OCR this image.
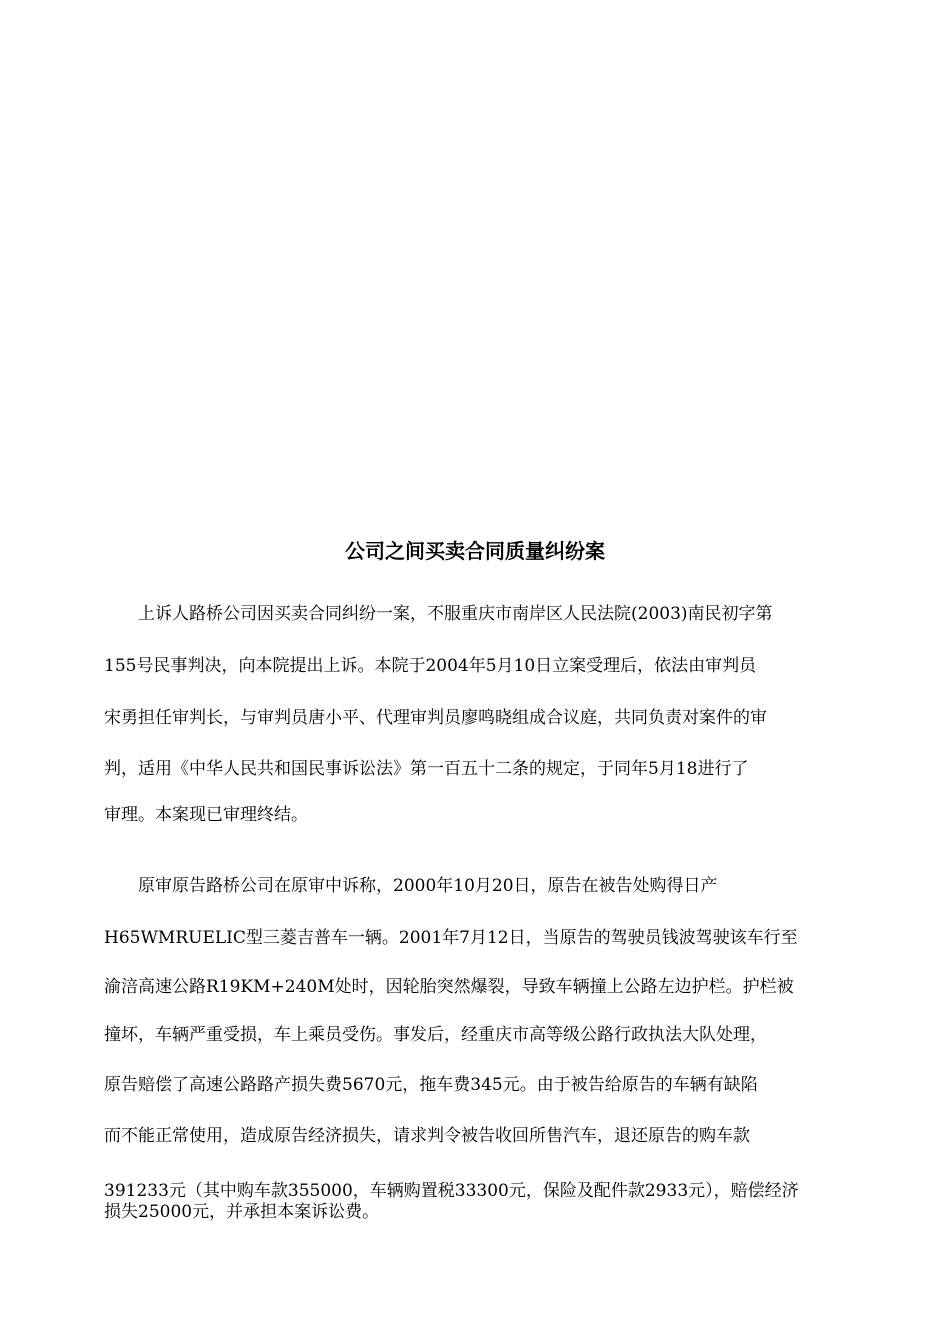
公司之间买卖合同质量纠纷案

　　上诉人路桥公司因买卖合同纠纷一案，不服重庆市南岸区人民法院(2003)南民初字第

155号民事判决，向本院提出上诉。本院于2004年5月10日立案受理后，依法由审判员

宋勇担任审判长，与审判员唐小平、代理审判员廖鸣晓组成合议庭，共同负责对案件的审

判，适用《中华人民共和国民事诉讼法》第一百五十二条的规定，于同年5月18进行了

审理。本案现已审理终结。

　　原审原告路桥公司在原审中诉称，2000年10月20日，原告在被告处购得日产

H65WMRUELIC型三菱吉普车一辆。2001年7月12日，当原告的驾驶员钱波驾驶该车行至

渝涪高速公路R19KM+240M处时，因轮胎突然爆裂，导致车辆撞上公路左边护栏。护栏被

撞坏，车辆严重受损，车上乘员受伤。事发后，经重庆市高等级公路行政执法大队处理，

原告赔偿了高速公路路产损失费5670元，拖车费345元。由于被告给原告的车辆有缺陷

而不能正常使用，造成原告经济损失，请求判令被告收回所售汽车，退还原告的购车款

391233元（其中购车款355000，车辆购置税33300元，保险及配件款2933元），赔偿经济

损失25000元，并承担本案诉讼费。
